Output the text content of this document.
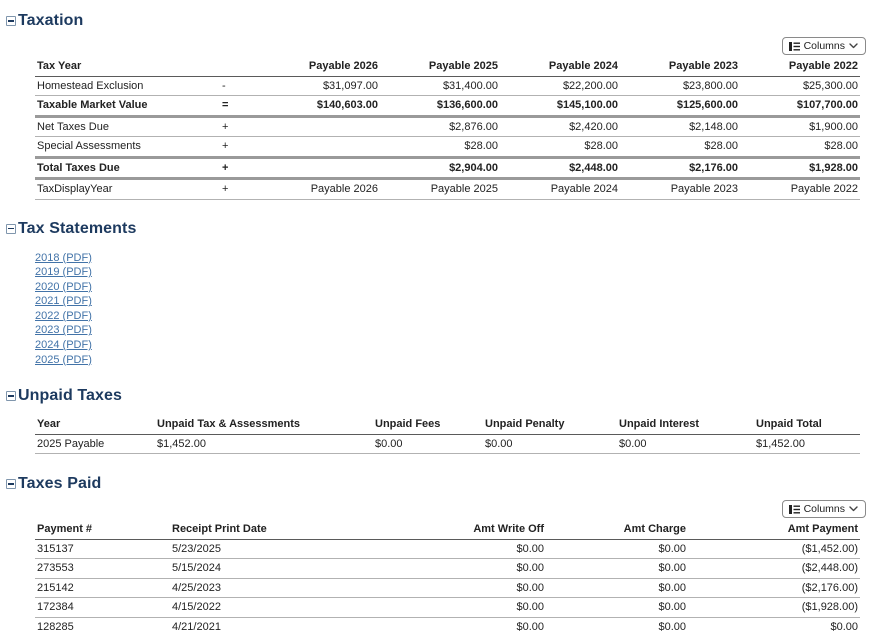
Taxation
Columns
Tax Year		Payable 2026	Payable 2025	Payable 2024	Payable 2023	Payable 2022
Homestead Exclusion	-	$31,097.00	$31,400.00	$22,200.00	$23,800.00	$25,300.00
Taxable Market Value	=	$140,603.00	$136,600.00	$145,100.00	$125,600.00	$107,700.00
Net Taxes Due	+		$2,876.00	$2,420.00	$2,148.00	$1,900.00
Special Assessments	+		$28.00	$28.00	$28.00	$28.00
Total Taxes Due	+		$2,904.00	$2,448.00	$2,176.00	$1,928.00
TaxDisplayYear	+	Payable 2026	Payable 2025	Payable 2024	Payable 2023	Payable 2022
Tax Statements
2018 (PDF)
2019 (PDF)
2020 (PDF)
2021 (PDF)
2022 (PDF)
2023 (PDF)
2024 (PDF)
2025 (PDF)
Unpaid Taxes
Year	Unpaid Tax & Assessments	Unpaid Fees	Unpaid Penalty	Unpaid Interest	Unpaid Total
2025 Payable	$1,452.00	$0.00	$0.00	$0.00	$1,452.00
Taxes Paid
Columns
Payment #	Receipt Print Date	Amt Write Off	Amt Charge	Amt Payment
315137	5/23/2025	$0.00	$0.00	($1,452.00)
273553	5/15/2024	$0.00	$0.00	($2,448.00)
215142	4/25/2023	$0.00	$0.00	($2,176.00)
172384	4/15/2022	$0.00	$0.00	($1,928.00)
128285	4/21/2021	$0.00	$0.00	$0.00
